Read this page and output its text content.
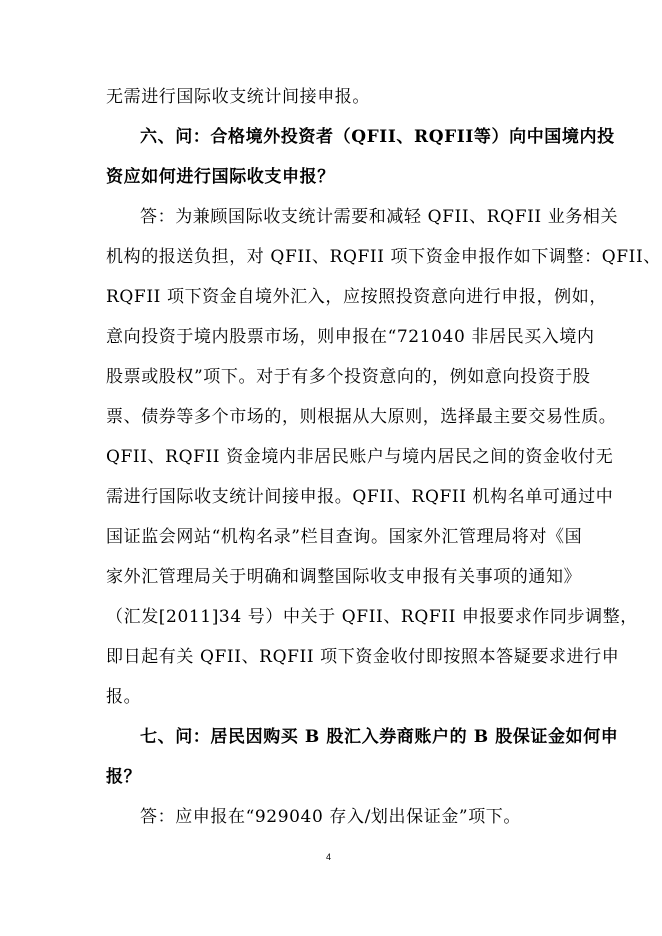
无需进行国际收支统计间接申报。
六、问：合格境外投资者（QFII、RQFII等）向中国境内投
资应如何进行国际收支申报？
答：为兼顾国际收支统计需要和减轻 QFII、RQFII 业务相关
机构的报送负担，对 QFII、RQFII 项下资金申报作如下调整：QFII、
RQFII 项下资金自境外汇入，应按照投资意向进行申报，例如，
意向投资于境内股票市场，则申报在“721040 非居民买入境内
股票或股权”项下。对于有多个投资意向的，例如意向投资于股
票、债券等多个市场的，则根据从大原则，选择最主要交易性质。
QFII、RQFII 资金境内非居民账户与境内居民之间的资金收付无
需进行国际收支统计间接申报。QFII、RQFII 机构名单可通过中
国证监会网站“机构名录”栏目查询。国家外汇管理局将对《国
家外汇管理局关于明确和调整国际收支申报有关事项的通知》
（汇发[2011]34 号）中关于 QFII、RQFII 申报要求作同步调整，
即日起有关 QFII、RQFII 项下资金收付即按照本答疑要求进行申
报。
七、问：居民因购买 B 股汇入券商账户的 B 股保证金如何申
报？
答：应申报在“929040 存入/划出保证金”项下。
4
